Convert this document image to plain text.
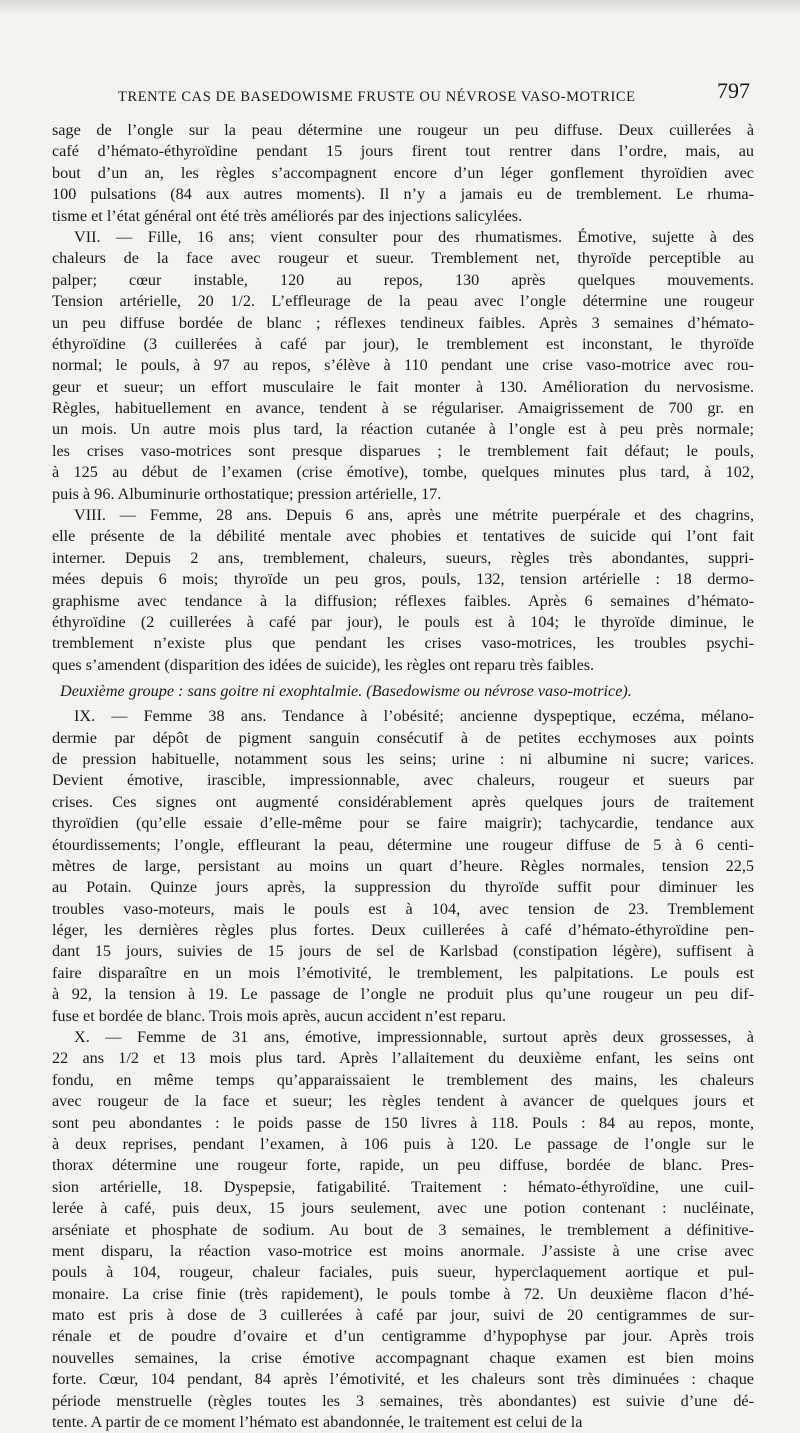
TRENTE CAS DE BASEDOWISME FRUSTE OU NÉVROSE VASO-MOTRICE	797
sage de l’ongle sur la peau détermine une rougeur un peu diffuse. Deux cuillerées à
café d’hémato-éthyroïdine pendant 15 jours firent tout rentrer dans l’ordre, mais, au
bout d’un an, les règles s’accompagnent encore d’un léger gonflement thyroïdien avec
100 pulsations (84 aux autres moments). Il n’y a jamais eu de tremblement. Le rhuma-
tisme et l’état général ont été très améliorés par des injections salicylées.
VII. — Fille, 16 ans; vient consulter pour des rhumatismes. Émotive, sujette à des
chaleurs de la face avec rougeur et sueur. Tremblement net, thyroïde perceptible au
palper; cœur instable, 120 au repos, 130 après quelques mouvements.
Tension artérielle, 20 1/2. L’effleurage de la peau avec l’ongle détermine une rougeur
un peu diffuse bordée de blanc ; réflexes tendineux faibles. Après 3 semaines d’hémato-
éthyroïdine (3 cuillerées à café par jour), le tremblement est inconstant, le thyroïde
normal; le pouls, à 97 au repos, s’élève à 110 pendant une crise vaso-motrice avec rou-
geur et sueur; un effort musculaire le fait monter à 130. Amélioration du nervosisme.
Règles, habituellement en avance, tendent à se régulariser. Amaigrissement de 700 gr. en
un mois. Un autre mois plus tard, la réaction cutanée à l’ongle est à peu près normale;
les crises vaso-motrices sont presque disparues ; le tremblement fait défaut; le pouls,
à 125 au début de l’examen (crise émotive), tombe, quelques minutes plus tard, à 102,
puis à 96. Albuminurie orthostatique; pression artérielle, 17.
VIII. — Femme, 28 ans. Depuis 6 ans, après une métrite puerpérale et des chagrins,
elle présente de la débilité mentale avec phobies et tentatives de suicide qui l’ont fait
interner. Depuis 2 ans, tremblement, chaleurs, sueurs, règles très abondantes, suppri-
mées depuis 6 mois; thyroïde un peu gros, pouls, 132, tension artérielle : 18 dermo-
graphisme avec tendance à la diffusion; réflexes faibles. Après 6 semaines d’hémato-
éthyroïdine (2 cuillerées à café par jour), le pouls est à 104; le thyroïde diminue, le
tremblement n’existe plus que pendant les crises vaso-motrices, les troubles psychi-
ques s’amendent (disparition des idées de suicide), les règles ont reparu très faibles.
Deuxième groupe : sans goitre ni exophtalmie. (Basedowisme ou névrose vaso-motrice).
IX. — Femme 38 ans. Tendance à l’obésité; ancienne dyspeptique, eczéma, mélano-
dermie par dépôt de pigment sanguin consécutif à de petites ecchymoses aux points
de pression habituelle, notamment sous les seins; urine : ni albumine ni sucre; varices.
Devient émotive, irascible, impressionnable, avec chaleurs, rougeur et sueurs par
crises. Ces signes ont augmenté considérablement après quelques jours de traitement
thyroïdien (qu’elle essaie d’elle-même pour se faire maigrir); tachycardie, tendance aux
étourdissements; l’ongle, effleurant la peau, détermine une rougeur diffuse de 5 à 6 centi-
mètres de large, persistant au moins un quart d’heure. Règles normales, tension 22,5
au Potain. Quinze jours après, la suppression du thyroïde suffit pour diminuer les
troubles vaso-moteurs, mais le pouls est à 104, avec tension de 23. Tremblement
léger, les dernières règles plus fortes. Deux cuillerées à café d’hémato-éthyroïdine pen-
dant 15 jours, suivies de 15 jours de sel de Karlsbad (constipation légère), suffisent à
faire disparaître en un mois l’émotivité, le tremblement, les palpitations. Le pouls est
à 92, la tension à 19. Le passage de l’ongle ne produit plus qu’une rougeur un peu dif-
fuse et bordée de blanc. Trois mois après, aucun accident n’est reparu.
X. — Femme de 31 ans, émotive, impressionnable, surtout après deux grossesses, à
22 ans 1/2 et 13 mois plus tard. Après l’allaitement du deuxième enfant, les seins ont
fondu, en même temps qu’apparaissaient le tremblement des mains, les chaleurs
avec rougeur de la face et sueur; les règles tendent à avancer de quelques jours et
sont peu abondantes : le poids passe de 150 livres à 118. Pouls : 84 au repos, monte,
à deux reprises, pendant l’examen, à 106 puis à 120. Le passage de l’ongle sur le
thorax détermine une rougeur forte, rapide, un peu diffuse, bordée de blanc. Pres-
sion artérielle, 18. Dyspepsie, fatigabilité. Traitement : hémato-éthyroïdine, une cuil-
lerée à café, puis deux, 15 jours seulement, avec une potion contenant : nucléinate,
arséniate et phosphate de sodium. Au bout de 3 semaines, le tremblement a définitive-
ment disparu, la réaction vaso-motrice est moins anormale. J’assiste à une crise avec
pouls à 104, rougeur, chaleur faciales, puis sueur, hyperclaquement aortique et pul-
monaire. La crise finie (très rapidement), le pouls tombe à 72. Un deuxième flacon d’hé-
mato est pris à dose de 3 cuillerées à café par jour, suivi de 20 centigrammes de sur-
rénale et de poudre d’ovaire et d’un centigramme d’hypophyse par jour. Après trois
nouvelles semaines, la crise émotive accompagnant chaque examen est bien moins
forte. Cœur, 104 pendant, 84 après l’émotivité, et les chaleurs sont très diminuées : chaque
période menstruelle (règles toutes les 3 semaines, très abondantes) est suivie d’une dé-
tente. A partir de ce moment l’hémato est abandonnée, le traitement est celui de la
